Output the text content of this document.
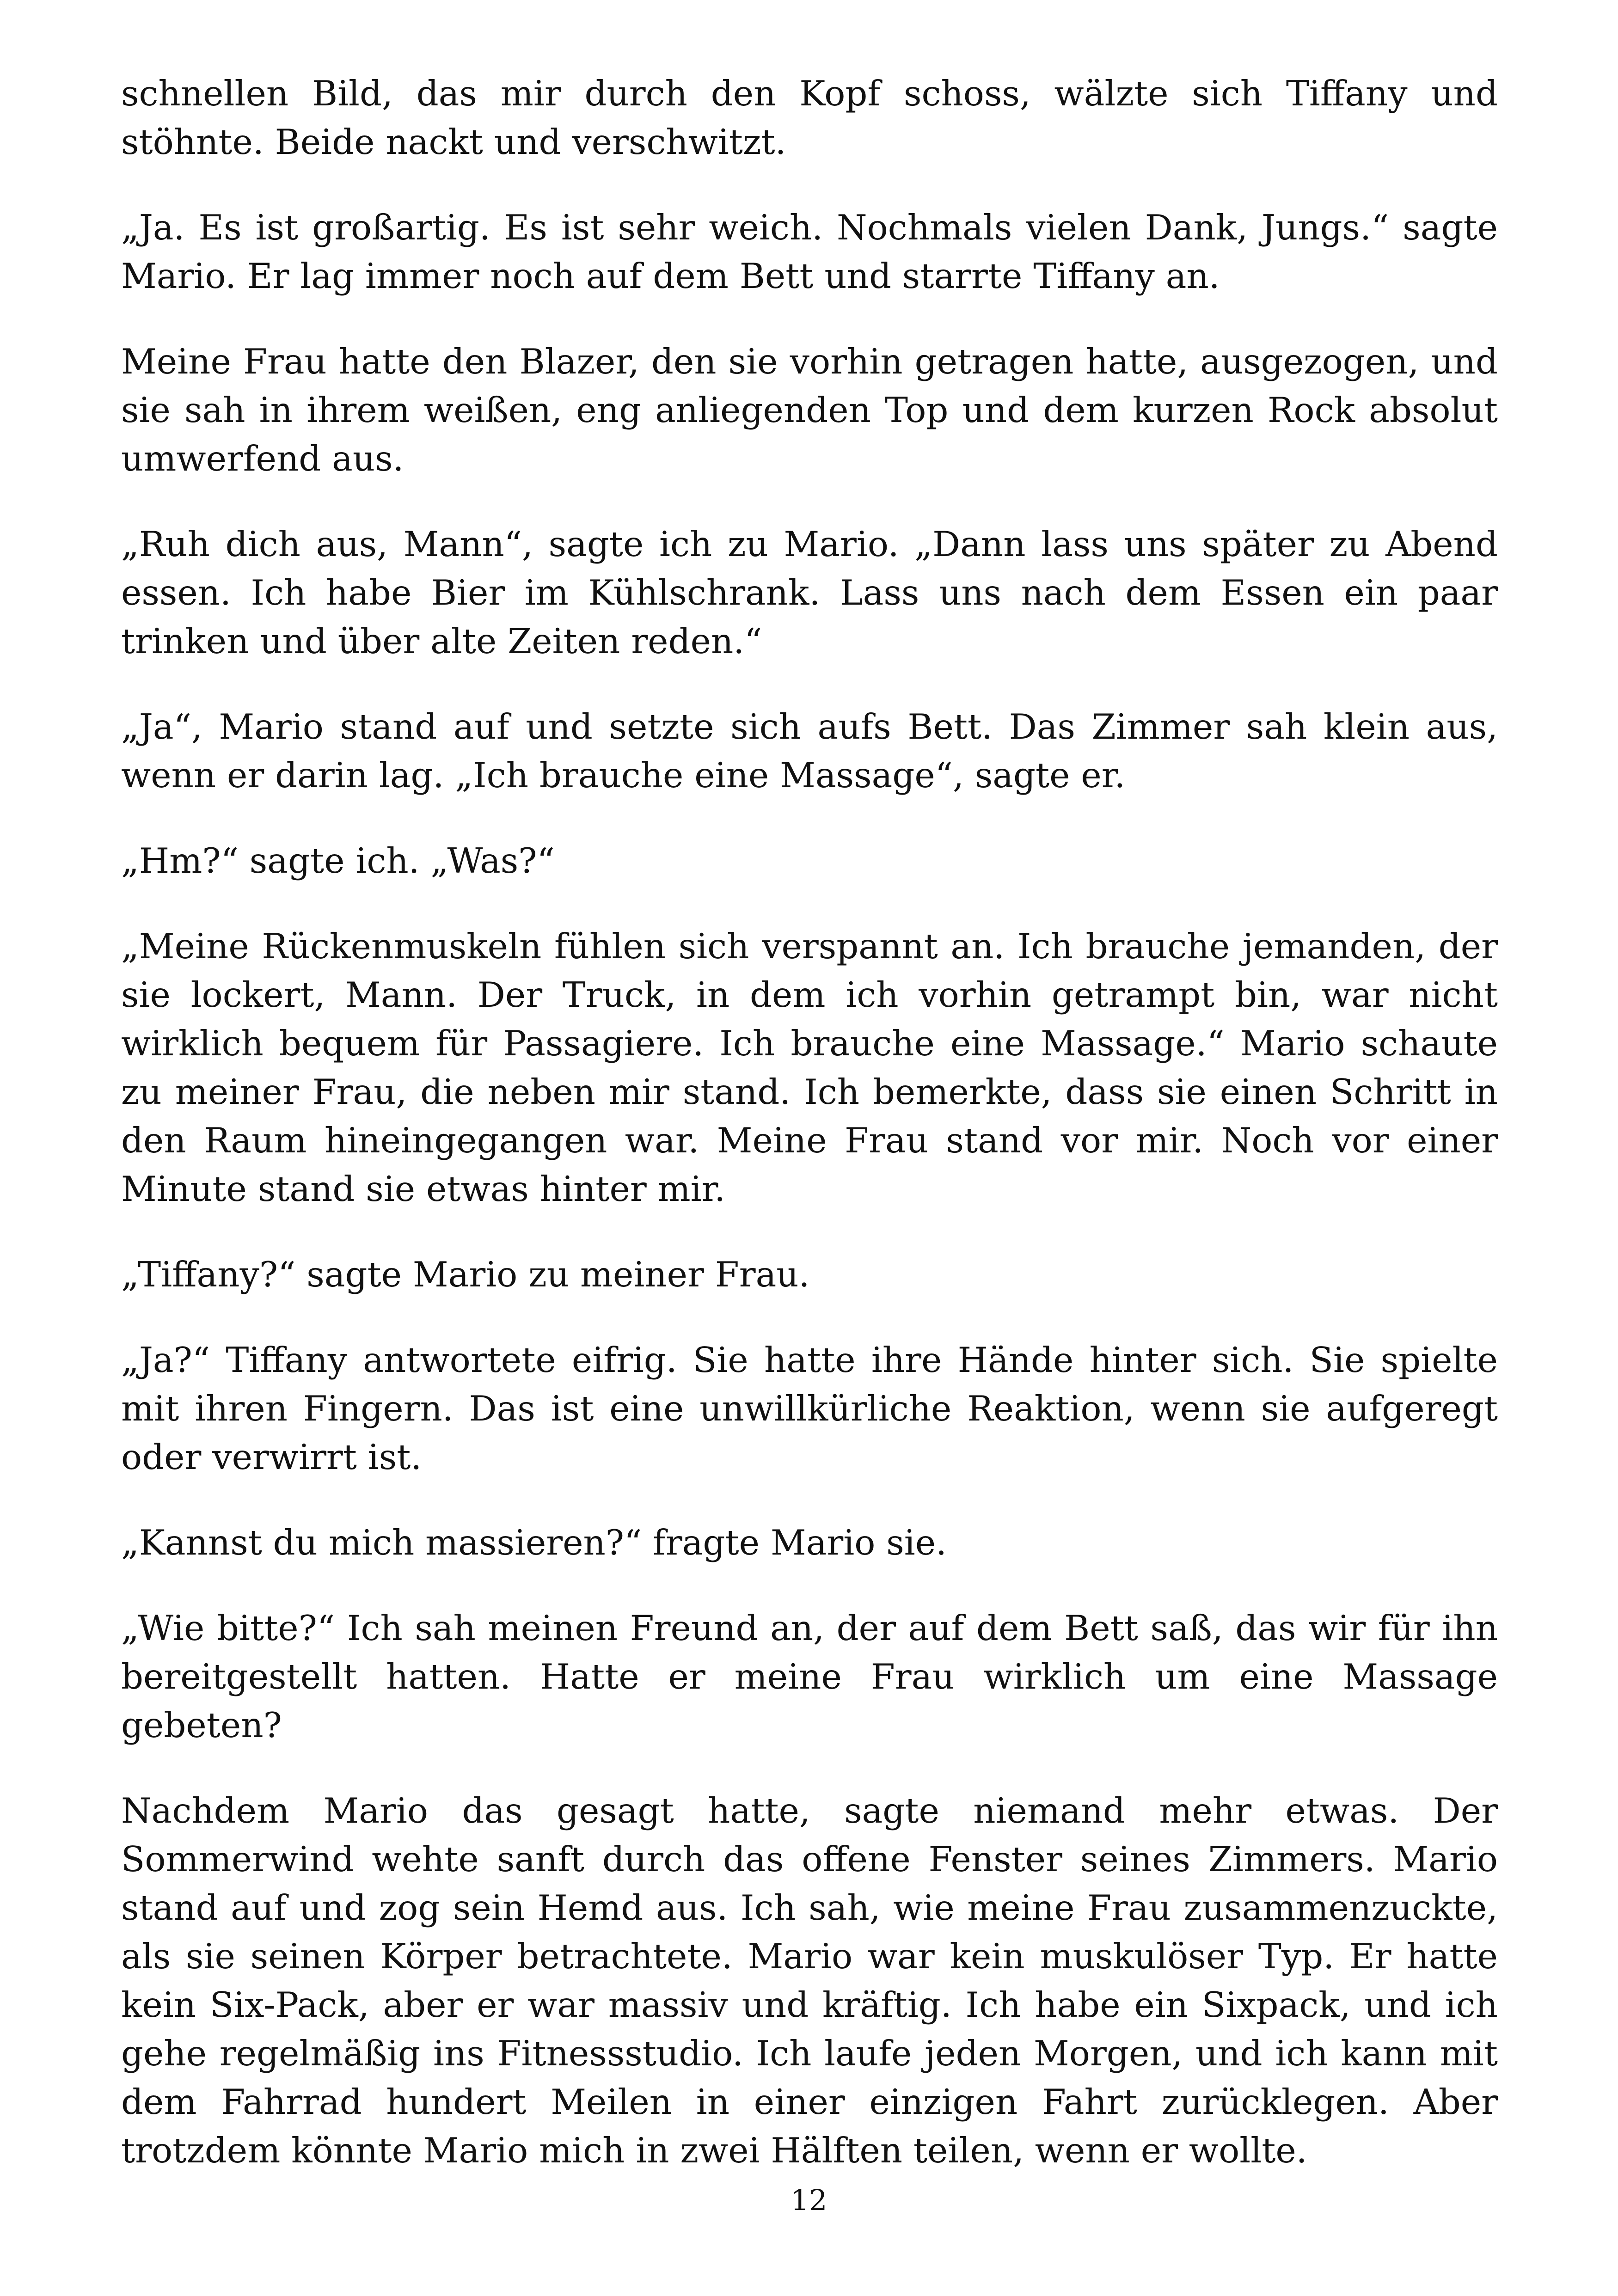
schnellen Bild, das mir durch den Kopf schoss, wälzte sich Tiffany und stöhnte. Beide nackt und verschwitzt.

„Ja. Es ist großartig. Es ist sehr weich. Nochmals vielen Dank, Jungs.“ sagte Mario. Er lag immer noch auf dem Bett und starrte Tiffany an.

Meine Frau hatte den Blazer, den sie vorhin getragen hatte, ausgezogen, und sie sah in ihrem weißen, eng anliegenden Top und dem kurzen Rock absolut umwerfend aus.

„Ruh dich aus, Mann“, sagte ich zu Mario. „Dann lass uns später zu Abend essen. Ich habe Bier im Kühlschrank. Lass uns nach dem Essen ein paar trinken und über alte Zeiten reden.“

„Ja“, Mario stand auf und setzte sich aufs Bett. Das Zimmer sah klein aus, wenn er darin lag. „Ich brauche eine Massage“, sagte er.

„Hm?“ sagte ich. „Was?“

„Meine Rückenmuskeln fühlen sich verspannt an. Ich brauche jemanden, der sie lockert, Mann. Der Truck, in dem ich vorhin getrampt bin, war nicht wirklich bequem für Passagiere. Ich brauche eine Massage.“ Mario schaute zu meiner Frau, die neben mir stand. Ich bemerkte, dass sie einen Schritt in den Raum hineingegangen war. Meine Frau stand vor mir. Noch vor einer Minute stand sie etwas hinter mir.

„Tiffany?“ sagte Mario zu meiner Frau.

„Ja?“ Tiffany antwortete eifrig. Sie hatte ihre Hände hinter sich. Sie spielte mit ihren Fingern. Das ist eine unwillkürliche Reaktion, wenn sie aufgeregt oder verwirrt ist.

„Kannst du mich massieren?“ fragte Mario sie.

„Wie bitte?“ Ich sah meinen Freund an, der auf dem Bett saß, das wir für ihn bereitgestellt hatten. Hatte er meine Frau wirklich um eine Massage gebeten?

Nachdem Mario das gesagt hatte, sagte niemand mehr etwas. Der Sommerwind wehte sanft durch das offene Fenster seines Zimmers. Mario stand auf und zog sein Hemd aus. Ich sah, wie meine Frau zusammenzuckte, als sie seinen Körper betrachtete. Mario war kein muskulöser Typ. Er hatte kein Six-Pack, aber er war massiv und kräftig. Ich habe ein Sixpack, und ich gehe regelmäßig ins Fitnessstudio. Ich laufe jeden Morgen, und ich kann mit dem Fahrrad hundert Meilen in einer einzigen Fahrt zurücklegen. Aber trotzdem könnte Mario mich in zwei Hälften teilen, wenn er wollte.

12
